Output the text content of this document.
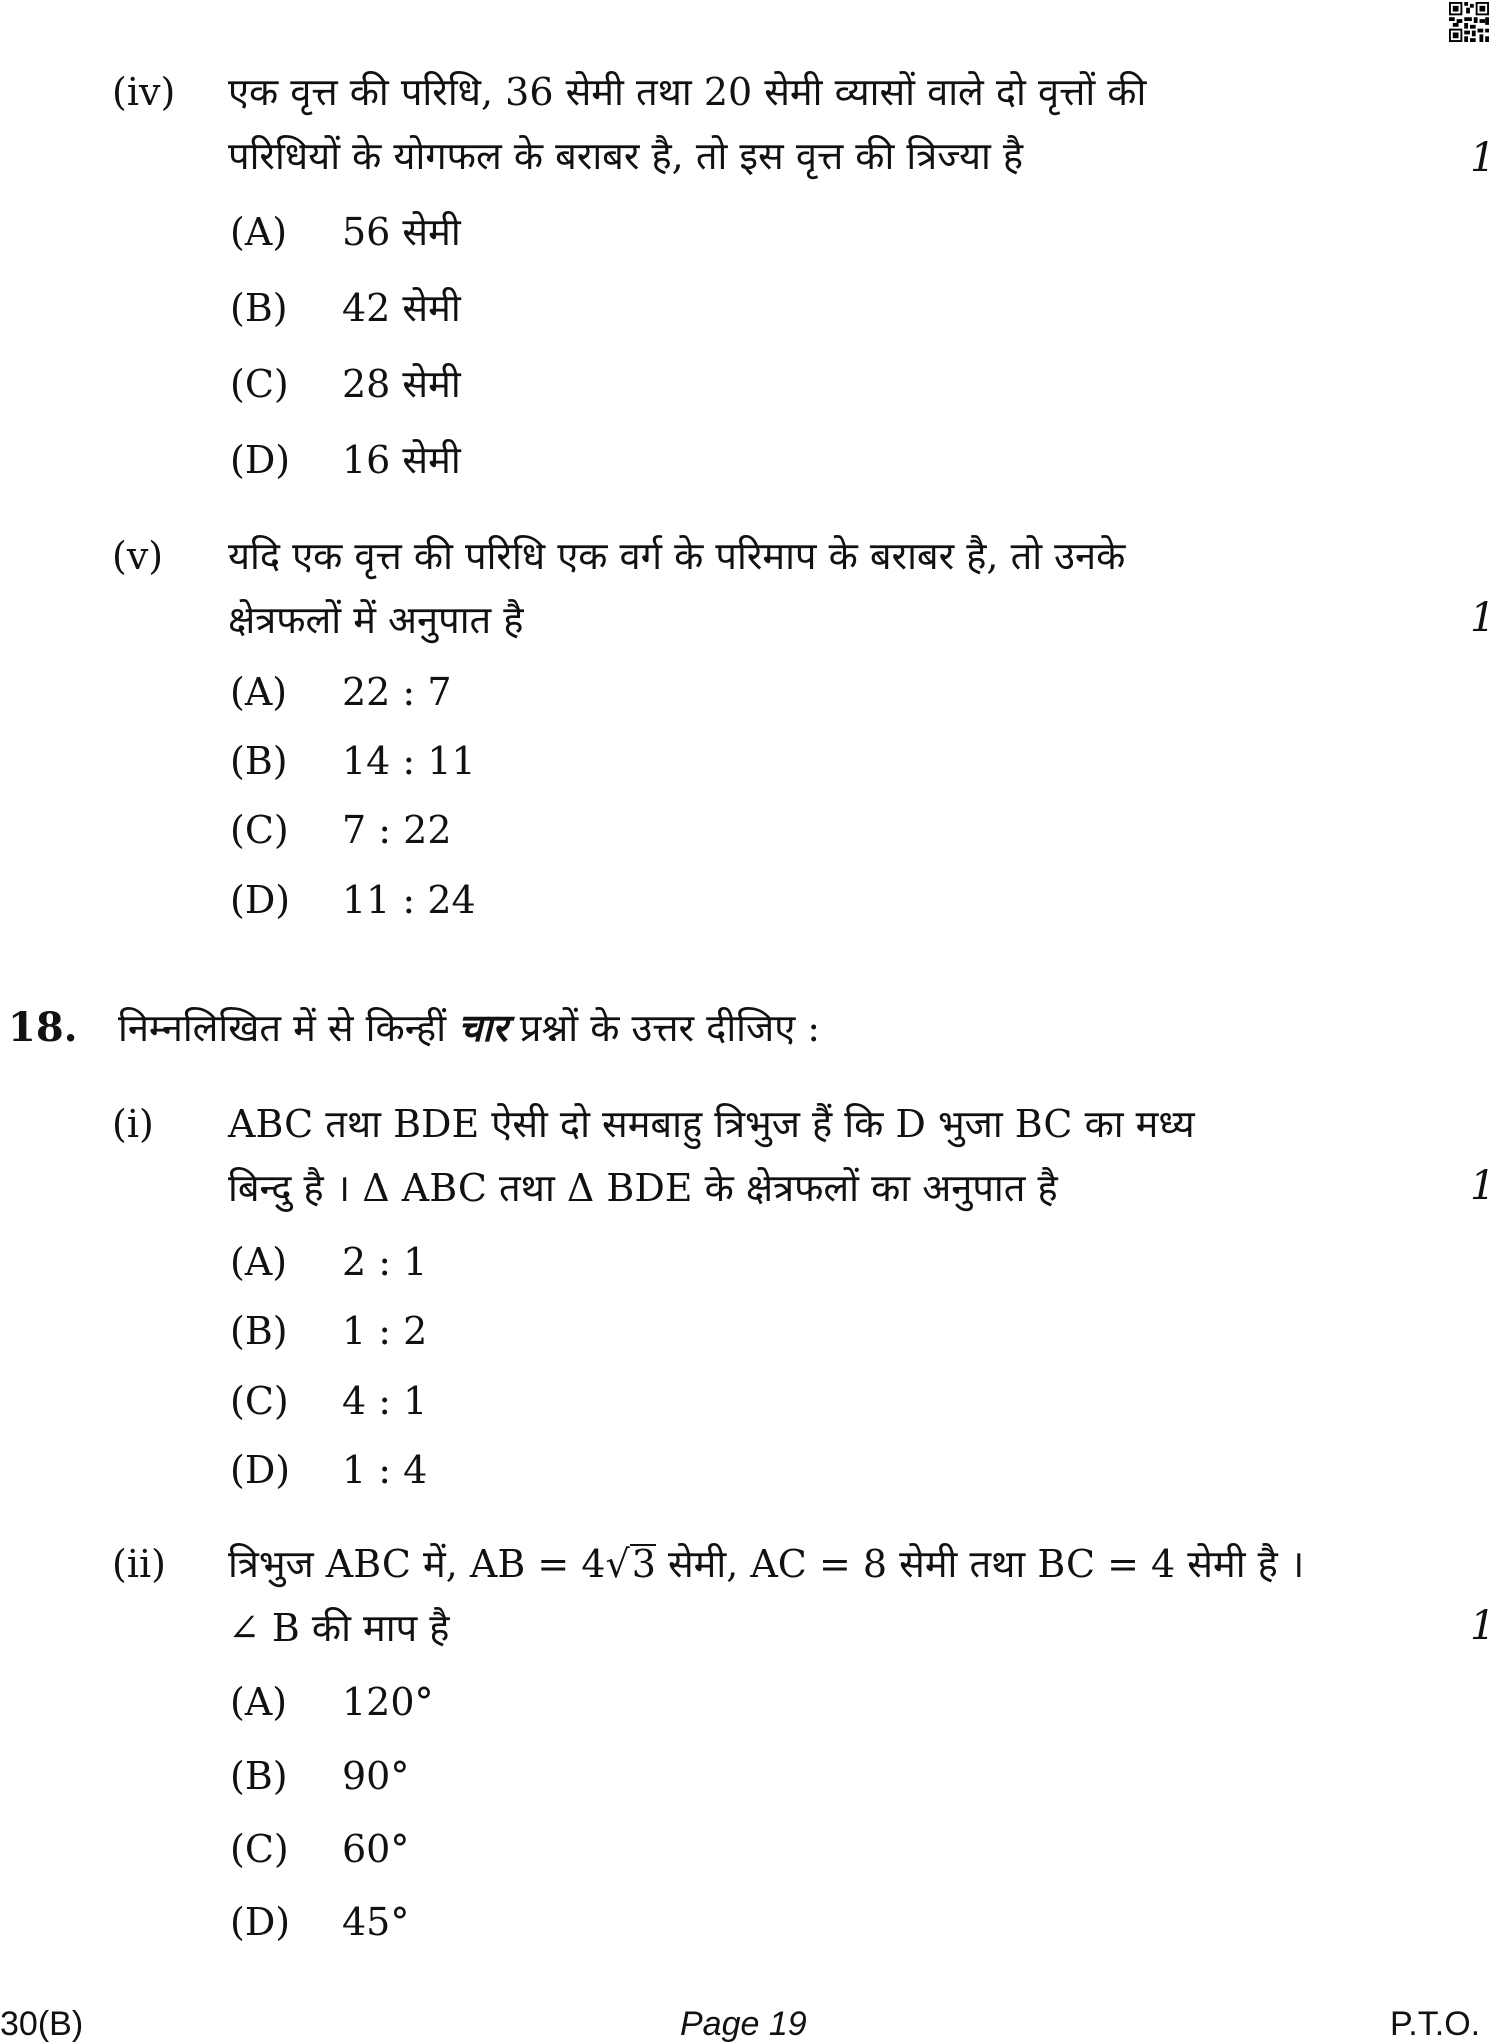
(iv) एक वृत्त की परिधि, 36 सेमी तथा 20 सेमी व्यासों वाले दो वृत्तों की
परिधियों के योगफल के बराबर है, तो इस वृत्त की त्रिज्या है	1
(A) 56 सेमी
(B) 42 सेमी
(C) 28 सेमी
(D) 16 सेमी
(v) यदि एक वृत्त की परिधि एक वर्ग के परिमाप के बराबर है, तो उनके
क्षेत्रफलों में अनुपात है	1
(A) 22 : 7
(B) 14 : 11
(C) 7 : 22
(D) 11 : 24
18. निम्नलिखित में से किन्हीं चार प्रश्नों के उत्तर दीजिए :
(i) ABC तथा BDE ऐसी दो समबाहु त्रिभुज हैं कि D भुजा BC का मध्य
बिन्दु है । Δ ABC तथा Δ BDE के क्षेत्रफलों का अनुपात है	1
(A) 2 : 1
(B) 1 : 2
(C) 4 : 1
(D) 1 : 4
(ii) त्रिभुज ABC में, AB = 4√3 सेमी, AC = 8 सेमी तथा BC = 4 सेमी है ।
∠ B की माप है	1
(A) 120°
(B) 90°
(C) 60°
(D) 45°
30(B)	Page 19	P.T.O.
